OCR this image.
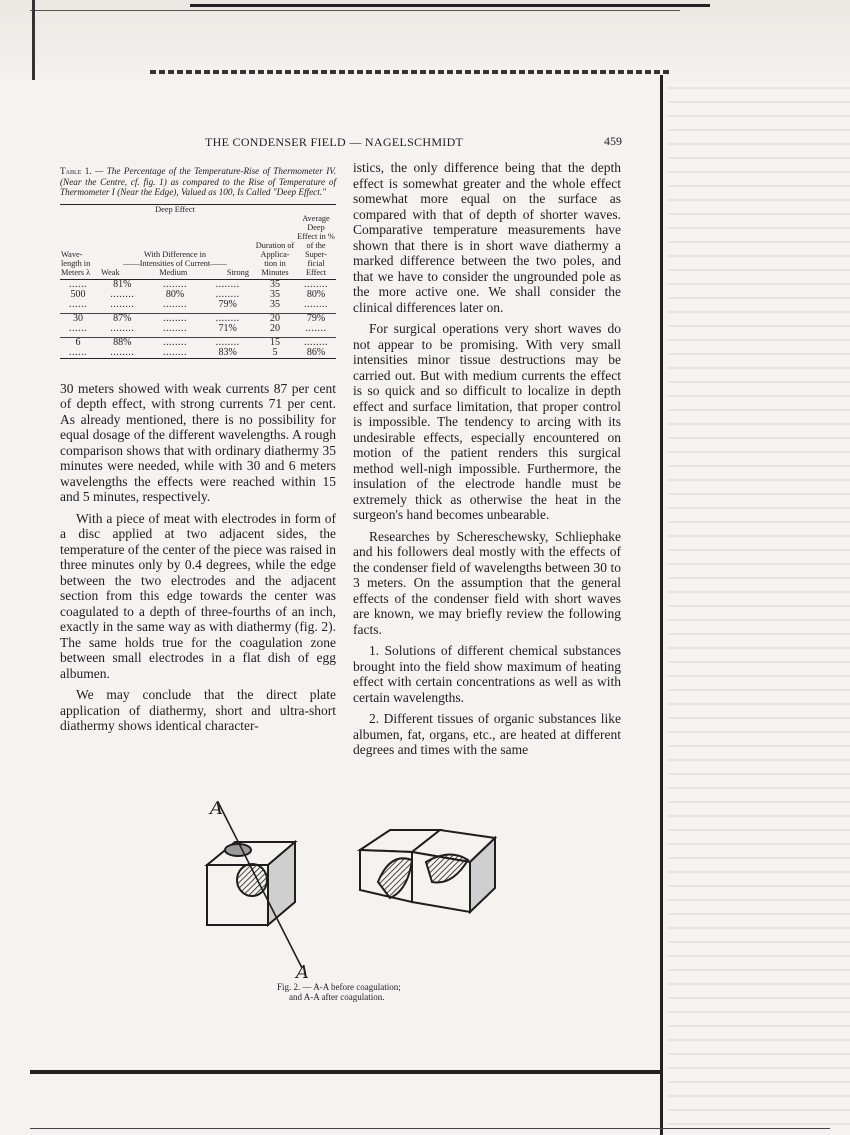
THE CONDENSER FIELD — NAGELSCHMIDT	459
Table 1. — The Percentage of the Temperature-Rise of Thermometer IV. (Near the Centre, cf. fig. 1) as compared to the Rise of Temperature of Thermometer I (Near the Edge), Valued as 100, Is Called "Deep Effect."
	Deep Effect				
Wave-length in Meters λ	With Difference in
——Intensities of Current——
Weak Medium Strong			Duration of Applica-tion in Minutes	Average Deep Effect in % of the Super-ficial Effect
......	81%	........	........	35	........
500	........	80%	........	35	80%
......	........	........	79%	35	........

30	87%	........	........	20	79%
......	........	........	71%	20	.......

6	88%	........	........	15	........
......	........	........	83%	5	86%

30 meters showed with weak currents 87 per cent of depth effect, with strong currents 71 per cent. As already mentioned, there is no possibility for equal dosage of the different wavelengths. A rough comparison shows that with ordinary diathermy 35 minutes were needed, while with 30 and 6 meters wavelengths the effects were reached within 15 and 5 minutes, respectively.

With a piece of meat with electrodes in form of a disc applied at two adjacent sides, the temperature of the center of the piece was raised in three minutes only by 0.4 degrees, while the edge between the two electrodes and the adjacent section from this edge towards the center was coagulated to a depth of three-fourths of an inch, exactly in the same way as with diathermy (fig. 2). The same holds true for the coagulation zone between small electrodes in a flat dish of egg albumen.

We may conclude that the direct plate application of diathermy, short and ultra-short diathermy shows identical character-

istics, the only difference being that the depth effect is somewhat greater and the whole effect somewhat more equal on the surface as compared with that of depth of shorter waves. Comparative temperature measurements have shown that there is in short wave diathermy a marked difference between the two poles, and that we have to consider the ungrounded pole as the more active one. We shall consider the clinical differences later on.

For surgical operations very short waves do not appear to be promising. With very small intensities minor tissue destructions may be carried out. But with medium currents the effect is so quick and so difficult to localize in depth effect and surface limitation, that proper control is impossible. The tendency to arcing with its undesirable effects, especially encountered on motion of the patient renders this surgical method well-nigh impossible. Furthermore, the insulation of the electrode handle must be extremely thick as otherwise the heat in the surgeon's hand becomes unbearable.

Researches by Schereschewsky, Schliephake and his followers deal mostly with the effects of the condenser field of wavelengths between 30 to 3 meters. On the assumption that the general effects of the condenser field with short waves are known, we may briefly review the following facts.

1. Solutions of different chemical substances brought into the field show maximum of heating effect with certain concentrations as well as with certain wavelengths.

2. Different tissues of organic substances like albumen, fat, organs, etc., are heated at different degrees and times with the same

A
A
Fig. 2. — A-A before coagulation;
and A-A after coagulation.
